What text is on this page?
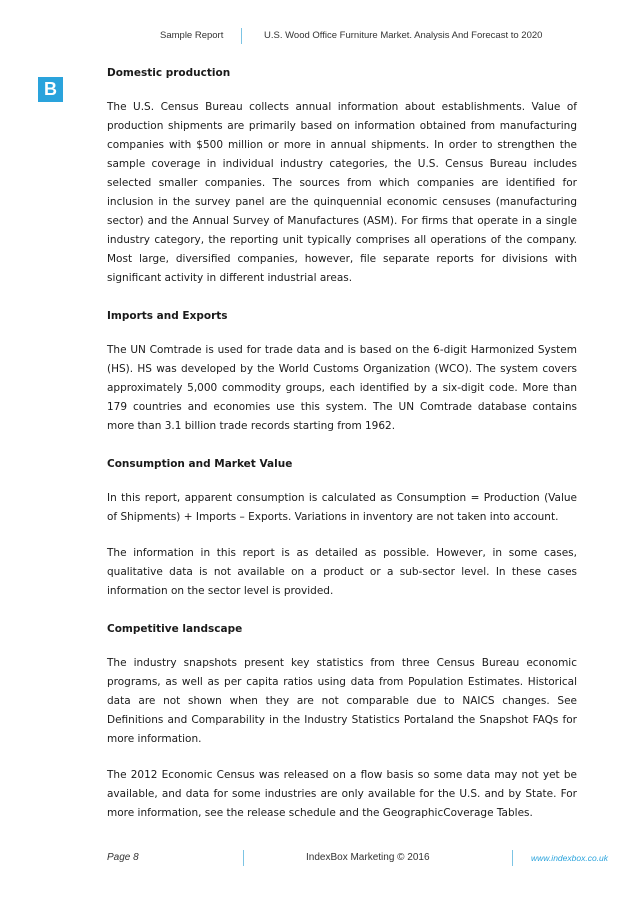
Sample Report	U.S. Wood Office Furniture Market. Analysis And Forecast to 2020
B
Domestic production

The U.S. Census Bureau collects annual information about establishments. Value of production shipments are primarily based on information obtained from manufacturing companies with $500 million or more in annual shipments. In order to strengthen the sample coverage in individual industry categories, the U.S. Census Bureau includes selected smaller companies. The sources from which companies are identified for inclusion in the survey panel are the quinquennial economic censuses (manufacturing sector) and the Annual Survey of Manufactures (ASM). For firms that operate in a single industry category, the reporting unit typically comprises all operations of the company. Most large, diversified companies, however, file separate reports for divisions with significant activity in different industrial areas.

Imports and Exports

The UN Comtrade is used for trade data and is based on the 6-digit Harmonized System (HS). HS was developed by the World Customs Organization (WCO). The system covers approximately 5,000 commodity groups, each identified by a six-digit code. More than 179 countries and economies use this system. The UN Comtrade database contains more than 3.1 billion trade records starting from 1962.

Consumption and Market Value

In this report, apparent consumption is calculated as Consumption = Production (Value of Shipments) + Imports – Exports. Variations in inventory are not taken into account.

The information in this report is as detailed as possible. However, in some cases, qualitative data is not available on a product or a sub-sector level. In these cases information on the sector level is provided.

Competitive landscape

The industry snapshots present key statistics from three Census Bureau economic programs, as well as per capita ratios using data from Population Estimates. Historical data are not shown when they are not comparable due to NAICS changes. See Definitions and Comparability in the Industry Statistics Portaland the Snapshot FAQs for more information.

The 2012 Economic Census was released on a flow basis so some data may not yet be available, and data for some industries are only available for the U.S. and by State. For more information, see the release schedule and the GeographicCoverage Tables.

Page 8	IndexBox Marketing © 2016	www.indexbox.co.uk
